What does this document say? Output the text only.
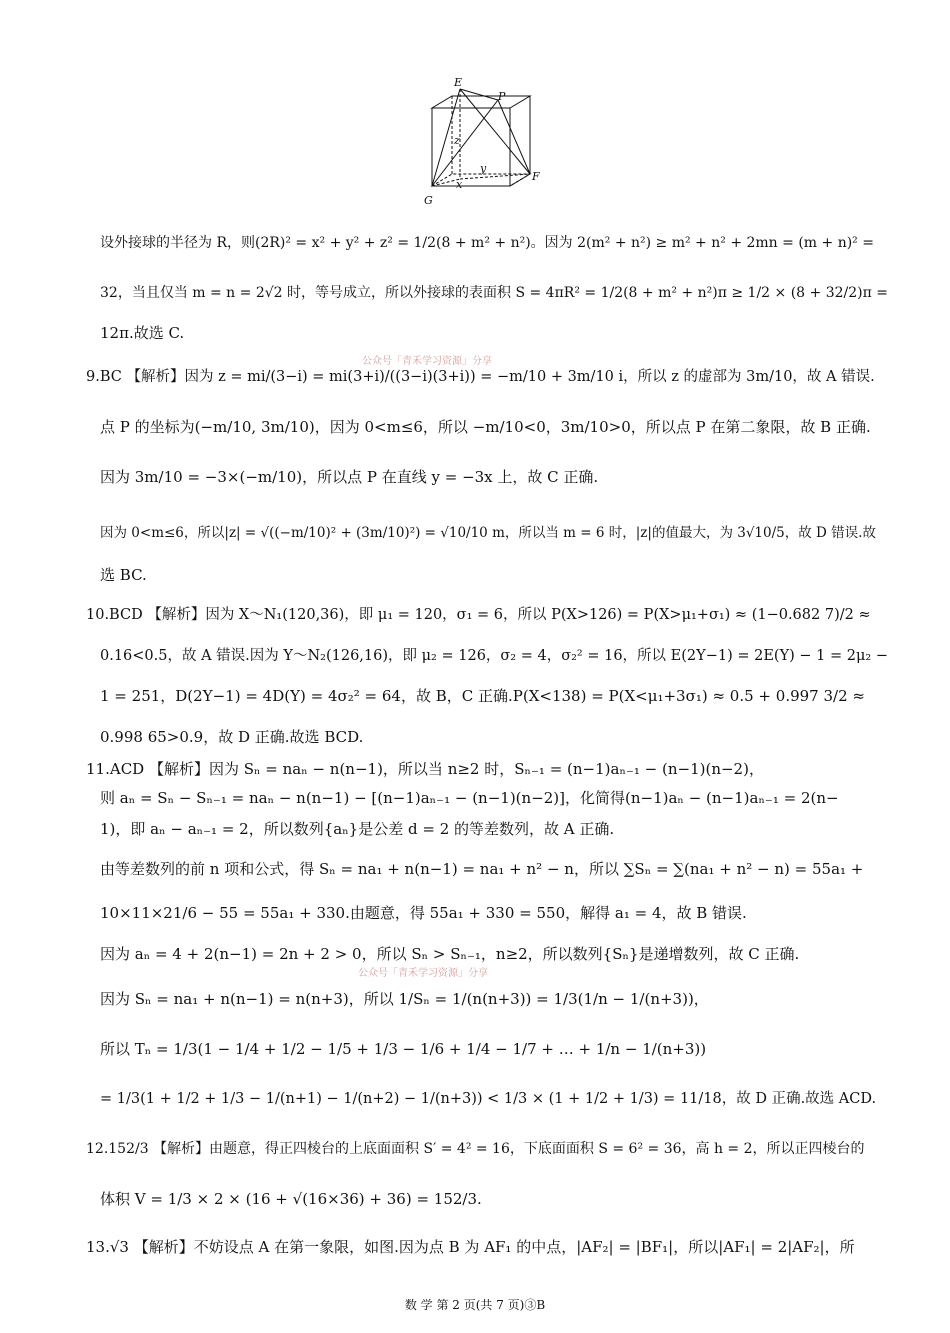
E
P
z
y
x
F
G
设外接球的半径为 R，则(2R)² = x² + y² + z² = 1/2(8 + m² + n²)。因为 2(m² + n²) ≥ m² + n² + 2mn = (m + n)² =
32，当且仅当 m = n = 2√2 时，等号成立，所以外接球的表面积 S = 4πR² = 1/2(8 + m² + n²)π ≥ 1/2 × (8 + 32/2)π =
12π.故选 C.
公众号「青禾学习资源」分享
9.BC 【解析】因为 z = mi/(3−i) = mi(3+i)/((3−i)(3+i)) = −m/10 + 3m/10 i，所以 z 的虚部为 3m/10，故 A 错误.
点 P 的坐标为(−m/10, 3m/10)，因为 0<m≤6，所以 −m/10<0，3m/10>0，所以点 P 在第二象限，故 B 正确.
因为 3m/10 = −3×(−m/10)，所以点 P 在直线 y = −3x 上，故 C 正确.
因为 0<m≤6，所以|z| = √((−m/10)² + (3m/10)²) = √10/10 m，所以当 m = 6 时，|z|的值最大，为 3√10/5，故 D 错误.故
选 BC.
10.BCD 【解析】因为 X～N₁(120,36)，即 μ₁ = 120，σ₁ = 6，所以 P(X>126) = P(X>μ₁+σ₁) ≈ (1−0.682 7)/2 ≈
0.16<0.5，故 A 错误.因为 Y～N₂(126,16)，即 μ₂ = 126，σ₂ = 4，σ₂² = 16，所以 E(2Y−1) = 2E(Y) − 1 = 2μ₂ −
1 = 251，D(2Y−1) = 4D(Y) = 4σ₂² = 64，故 B，C 正确.P(X<138) = P(X<μ₁+3σ₁) ≈ 0.5 + 0.997 3/2 ≈
0.998 65>0.9，故 D 正确.故选 BCD.
11.ACD 【解析】因为 Sₙ = naₙ − n(n−1)，所以当 n≥2 时，Sₙ₋₁ = (n−1)aₙ₋₁ − (n−1)(n−2)，
则 aₙ = Sₙ − Sₙ₋₁ = naₙ − n(n−1) − [(n−1)aₙ₋₁ − (n−1)(n−2)]，化简得(n−1)aₙ − (n−1)aₙ₋₁ = 2(n−
1)，即 aₙ − aₙ₋₁ = 2，所以数列{aₙ}是公差 d = 2 的等差数列，故 A 正确.
由等差数列的前 n 项和公式，得 Sₙ = na₁ + n(n−1) = na₁ + n² − n，所以 ∑Sₙ = ∑(na₁ + n² − n) = 55a₁ +
10×11×21/6 − 55 = 55a₁ + 330.由题意，得 55a₁ + 330 = 550，解得 a₁ = 4，故 B 错误.
因为 aₙ = 4 + 2(n−1) = 2n + 2 > 0，所以 Sₙ > Sₙ₋₁，n≥2，所以数列{Sₙ}是递增数列，故 C 正确.
公众号「青禾学习资源」分享
因为 Sₙ = na₁ + n(n−1) = n(n+3)，所以 1/Sₙ = 1/(n(n+3)) = 1/3(1/n − 1/(n+3))，
所以 Tₙ = 1/3(1 − 1/4 + 1/2 − 1/5 + 1/3 − 1/6 + 1/4 − 1/7 + … + 1/n − 1/(n+3))
= 1/3(1 + 1/2 + 1/3 − 1/(n+1) − 1/(n+2) − 1/(n+3)) < 1/3 × (1 + 1/2 + 1/3) = 11/18，故 D 正确.故选 ACD.
12.152/3 【解析】由题意，得正四棱台的上底面面积 S′ = 4² = 16，下底面面积 S = 6² = 36，高 h = 2，所以正四棱台的
体积 V = 1/3 × 2 × (16 + √(16×36) + 36) = 152/3.
13.√3 【解析】不妨设点 A 在第一象限，如图.因为点 B 为 AF₁ 的中点，|AF₂| = |BF₁|，所以|AF₁| = 2|AF₂|，所
数 学 第 2 页(共 7 页)③B
